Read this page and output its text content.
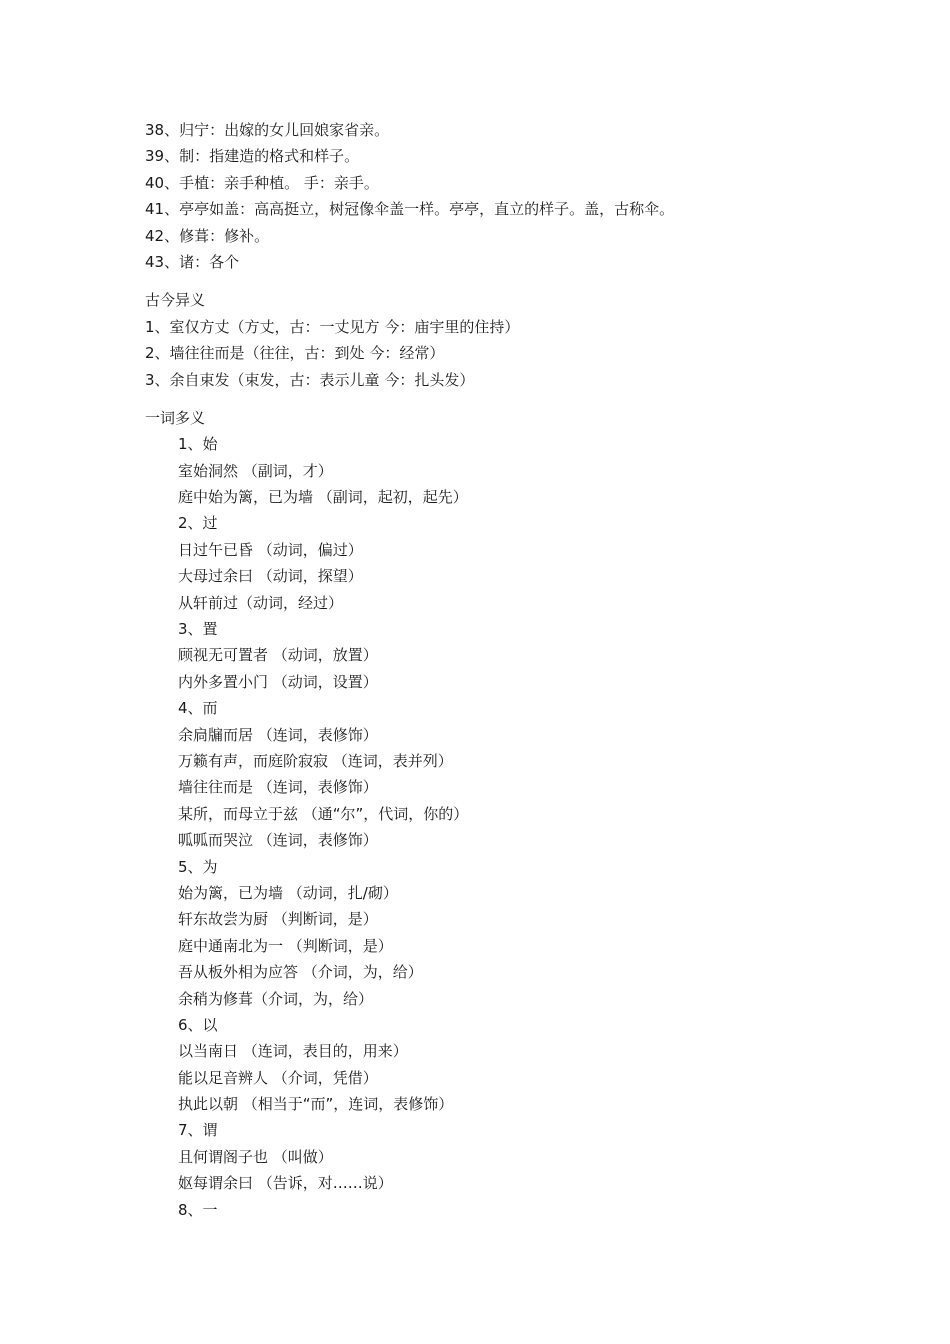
38、归宁：出嫁的女儿回娘家省亲。
39、制：指建造的格式和样子。
40、手植：亲手种植。 手：亲手。
41、亭亭如盖：高高挺立，树冠像伞盖一样。亭亭，直立的样子。盖，古称伞。
42、修葺：修补。
43、诸：各个
古今异义
1、室仅方丈（方丈，古：一丈见方 今：庙宇里的住持）
2、墙往往而是（往往，古：到处 今：经常）
3、余自束发（束发，古：表示儿童 今：扎头发）
一词多义
1、始
室始洞然 （副词，才）
庭中始为篱，已为墙 （副词，起初，起先）
2、过
日过午已昏 （动词，偏过）
大母过余曰 （动词，探望）
从轩前过（动词，经过）
3、置
顾视无可置者 （动词，放置）
内外多置小门 （动词，设置）
4、而
余扃牖而居 （连词，表修饰）
万籁有声，而庭阶寂寂 （连词，表并列）
墙往往而是 （连词，表修饰）
某所，而母立于兹 （通“尔”，代词，你的）
呱呱而哭泣 （连词，表修饰）
5、为
始为篱，已为墙 （动词，扎/砌）
轩东故尝为厨 （判断词，是）
庭中通南北为一 （判断词，是）
吾从板外相为应答 （介词，为，给）
余稍为修葺（介词，为，给）
6、以
以当南日 （连词，表目的，用来）
能以足音辨人 （介词，凭借）
执此以朝 （相当于“而”，连词，表修饰）
7、谓
且何谓阁子也 （叫做）
妪每谓余曰 （告诉，对……说）
8、一
